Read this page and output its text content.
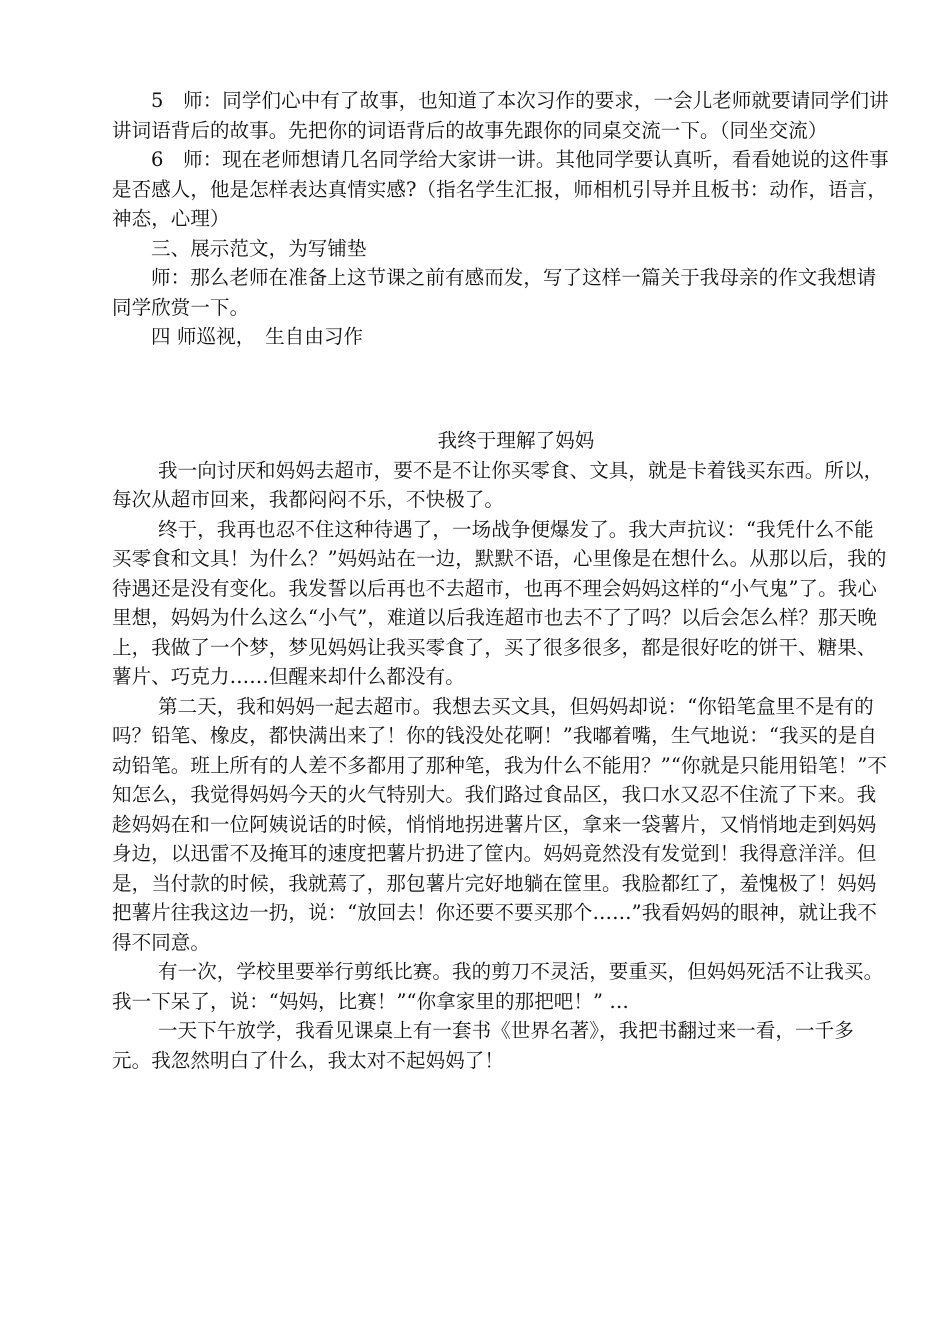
5　师：同学们心中有了故事，也知道了本次习作的要求，一会儿老师就要请同学们讲讲词语背后的故事。先把你的词语背后的故事先跟你的同桌交流一下。（同坐交流）

6　师：现在老师想请几名同学给大家讲一讲。其他同学要认真听，看看她说的这件事是否感人，他是怎样表达真情实感?（指名学生汇报，师相机引导并且板书：动作，语言，神态，心理）

三、展示范文，为写铺垫

师：那么老师在准备上这节课之前有感而发，写了这样一篇关于我母亲的作文我想请同学欣赏一下。

四 师巡视，　生自由习作

我终于理解了妈妈

我一向讨厌和妈妈去超市，要不是不让你买零食、文具，就是卡着钱买东西。所以，每次从超市回来，我都闷闷不乐，不快极了。

终于，我再也忍不住这种待遇了，一场战争便爆发了。我大声抗议：“我凭什么不能买零食和文具！为什么？”妈妈站在一边，默默不语，心里像是在想什么。从那以后，我的待遇还是没有变化。我发誓以后再也不去超市，也再不理会妈妈这样的“小气鬼”了。我心里想，妈妈为什么这么“小气”，难道以后我连超市也去不了了吗？以后会怎么样？那天晚上，我做了一个梦，梦见妈妈让我买零食了，买了很多很多，都是很好吃的饼干、糖果、薯片、巧克力……但醒来却什么都没有。

第二天，我和妈妈一起去超市。我想去买文具，但妈妈却说：“你铅笔盒里不是有的吗？铅笔、橡皮，都快满出来了！你的钱没处花啊！”我嘟着嘴，生气地说：“我买的是自动铅笔。班上所有的人差不多都用了那种笔，我为什么不能用？”“你就是只能用铅笔！”不知怎么，我觉得妈妈今天的火气特别大。我们路过食品区，我口水又忍不住流了下来。我趁妈妈在和一位阿姨说话的时候，悄悄地拐进薯片区，拿来一袋薯片，又悄悄地走到妈妈身边，以迅雷不及掩耳的速度把薯片扔进了筐内。妈妈竟然没有发觉到！我得意洋洋。但是，当付款的时候，我就蔫了，那包薯片完好地躺在筐里。我脸都红了，羞愧极了！妈妈把薯片往我这边一扔，说：“放回去！你还要不要买那个……”我看妈妈的眼神，就让我不得不同意。

有一次，学校里要举行剪纸比赛。我的剪刀不灵活，要重买，但妈妈死活不让我买。我一下呆了，说：“妈妈，比赛！”“你拿家里的那把吧！” …

一天下午放学，我看见课桌上有一套书《世界名著》，我把书翻过来一看，一千多元。我忽然明白了什么，我太对不起妈妈了！
